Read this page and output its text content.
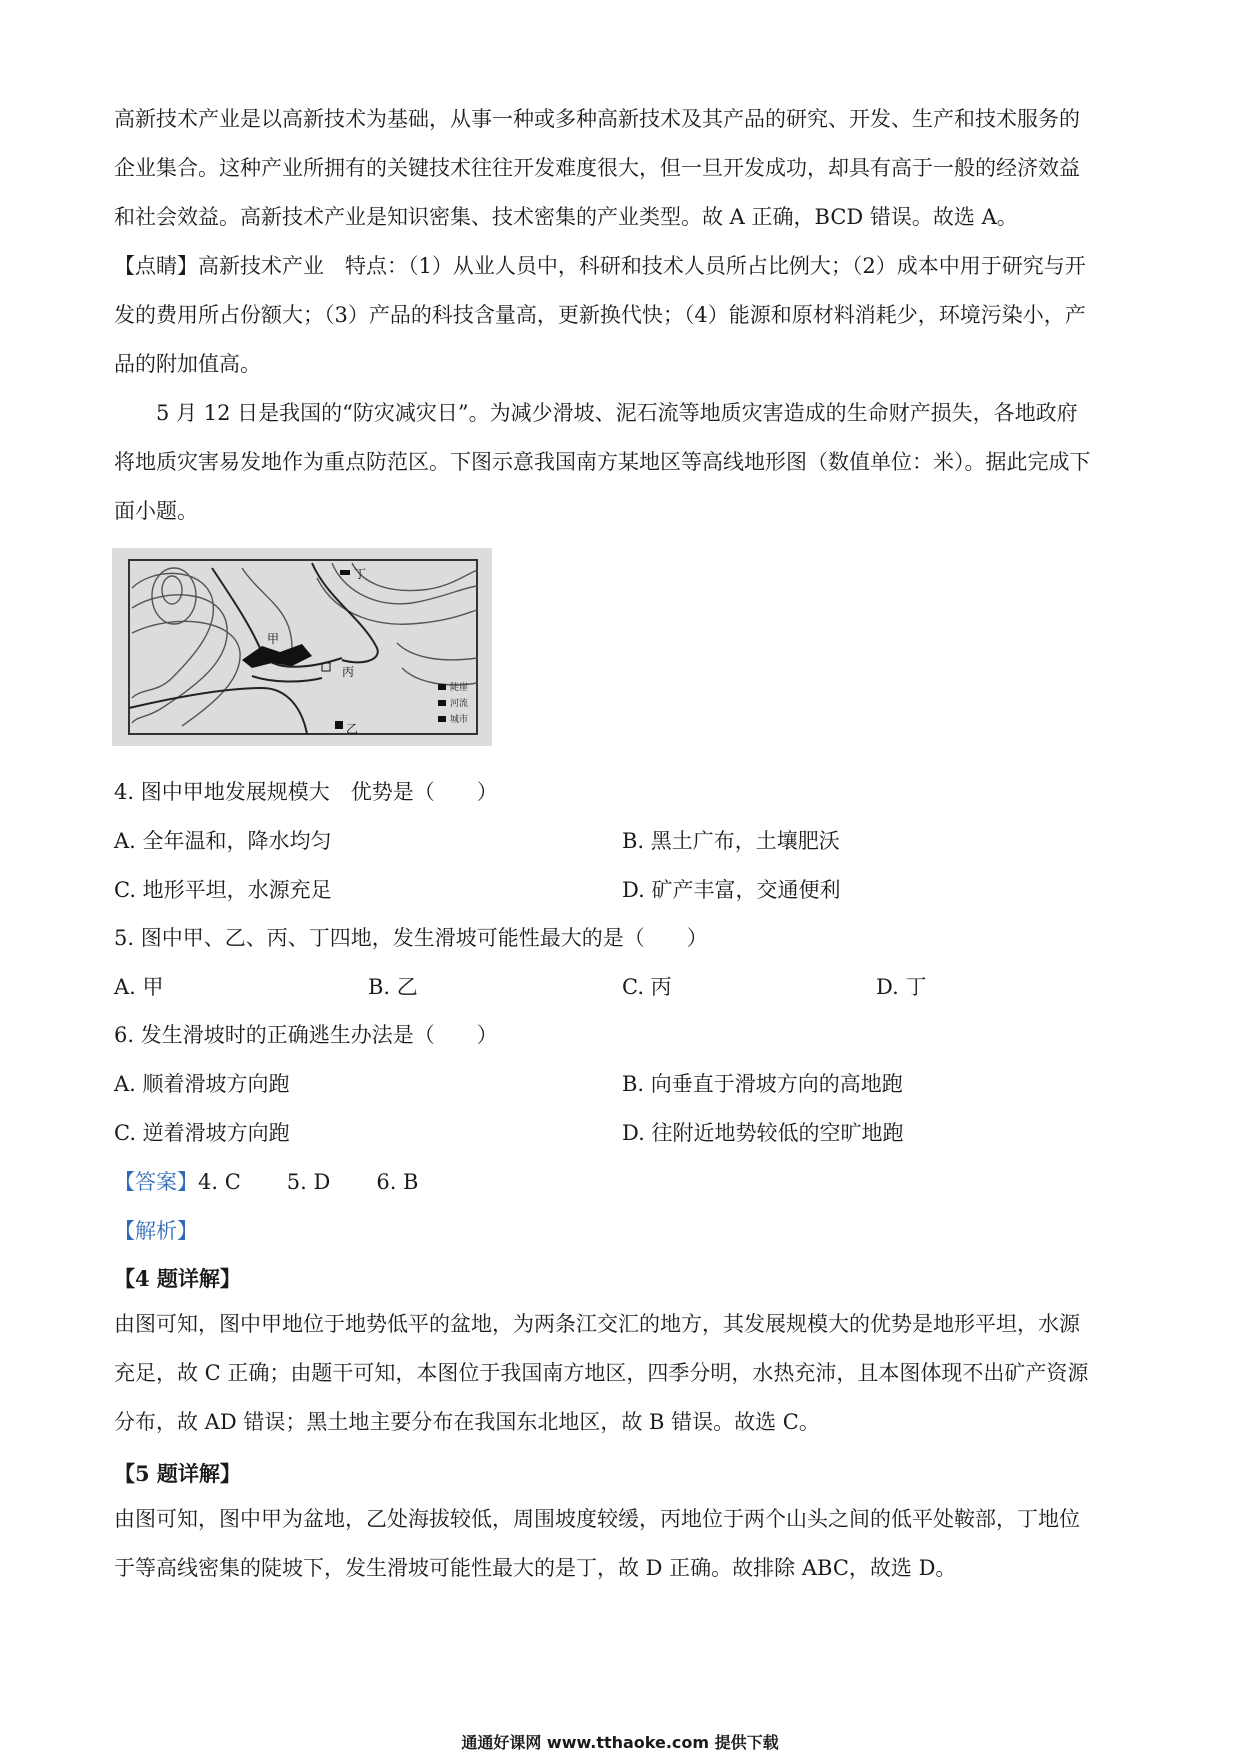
高新技术产业是以高新技术为基础，从事一种或多种高新技术及其产品的研究、开发、生产和技术服务的
企业集合。这种产业所拥有的关键技术往往开发难度很大，但一旦开发成功，却具有高于一般的经济效益
和社会效益。高新技术产业是知识密集、技术密集的产业类型。故 A 正确，BCD 错误。故选 A。
【点睛】高新技术产业　特点：（1）从业人员中，科研和技术人员所占比例大；（2）成本中用于研究与开
发的费用所占份额大；（3）产品的科技含量高，更新换代快；（4）能源和原材料消耗少，环境污染小，产
品的附加值高。
5 月 12 日是我国的“防灾减灾日”。为减少滑坡、泥石流等地质灾害造成的生命财产损失，各地政府
将地质灾害易发地作为重点防范区。下图示意我国南方某地区等高线地形图（数值单位：米）。据此完成下
面小题。
甲
乙
丙
丁
陡崖
河流
城市
4. 图中甲地发展规模大　优势是（　　）
A. 全年温和，降水均匀	B. 黑土广布，土壤肥沃
C. 地形平坦，水源充足	D. 矿产丰富，交通便利
5. 图中甲、乙、丙、丁四地，发生滑坡可能性最大的是（　　）
A. 甲	B. 乙	C. 丙	D. 丁
6. 发生滑坡时的正确逃生办法是（　　）
A. 顺着滑坡方向跑	B. 向垂直于滑坡方向的高地跑
C. 逆着滑坡方向跑	D. 往附近地势较低的空旷地跑
【答案】4. C 5. D 6. B
【解析】
【4 题详解】
由图可知，图中甲地位于地势低平的盆地，为两条江交汇的地方，其发展规模大的优势是地形平坦，水源
充足，故 C 正确；由题干可知，本图位于我国南方地区，四季分明，水热充沛，且本图体现不出矿产资源
分布，故 AD 错误；黑土地主要分布在我国东北地区，故 B 错误。故选 C。
【5 题详解】
由图可知，图中甲为盆地，乙处海拔较低，周围坡度较缓，丙地位于两个山头之间的低平处鞍部，丁地位
于等高线密集的陡坡下，发生滑坡可能性最大的是丁，故 D 正确。故排除 ABC，故选 D。
通通好课网 www.tthaoke.com 提供下载
